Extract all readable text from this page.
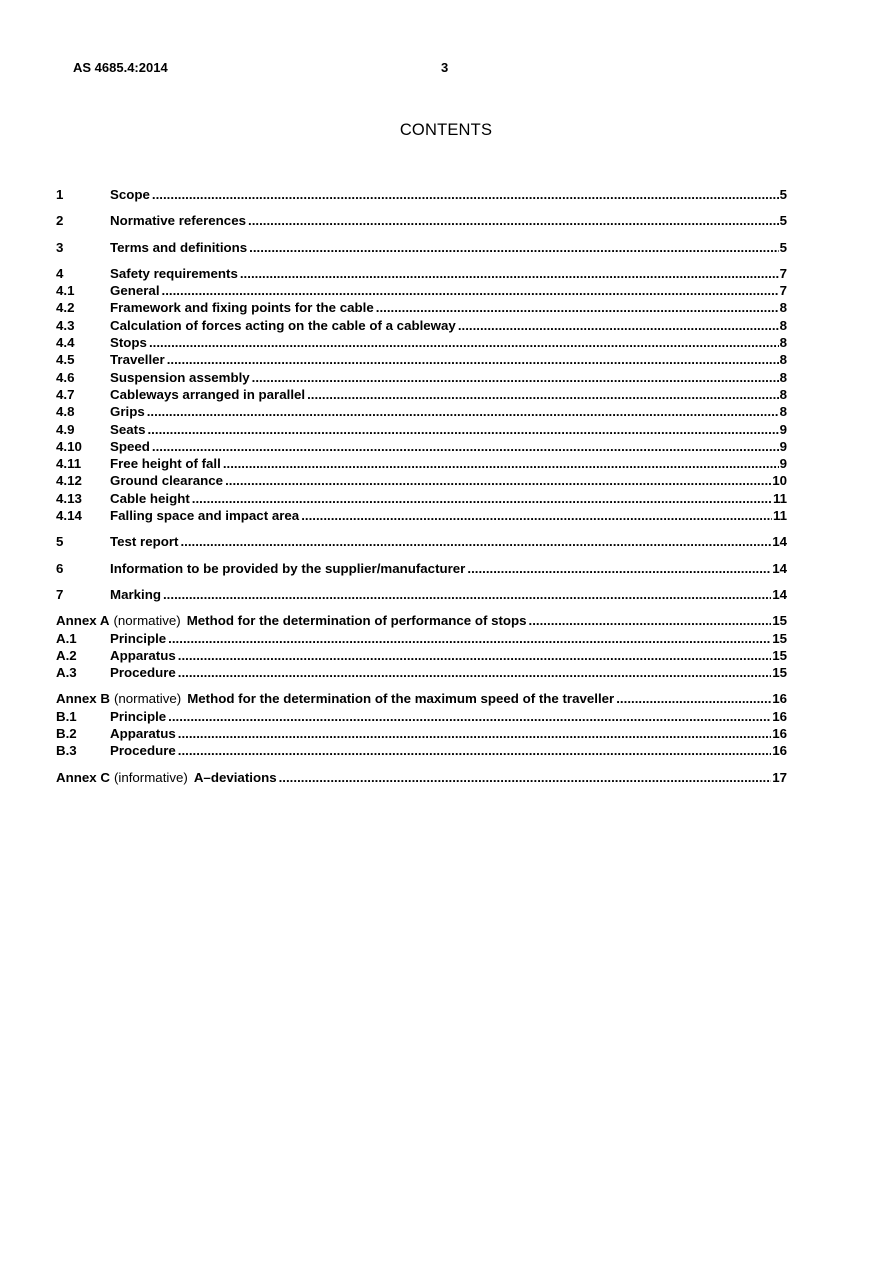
AS 4685.4:2014	3
CONTENTS
1	Scope .....	5
2	Normative references .....	5
3	Terms and definitions .....	5
4	Safety requirements .....	7
4.1	General .....	7
4.2	Framework and fixing points for the cable .....	8
4.3	Calculation of forces acting on the cable of a cableway .....	8
4.4	Stops .....	8
4.5	Traveller .....	8
4.6	Suspension assembly .....	8
4.7	Cableways arranged in parallel .....	8
4.8	Grips .....	8
4.9	Seats .....	9
4.10	Speed .....	9
4.11	Free height of fall .....	9
4.12	Ground clearance .....	10
4.13	Cable height .....	11
4.14	Falling space and impact area .....	11
5	Test report .....	14
6	Information to be provided by the supplier/manufacturer .....	14
7	Marking .....	14
Annex A (normative) Method for the determination of performance of stops .....	15
A.1	Principle .....	15
A.2	Apparatus .....	15
A.3	Procedure .....	15
Annex B (normative) Method for the determination of the maximum speed of the traveller .....	16
B.1	Principle .....	16
B.2	Apparatus .....	16
B.3	Procedure .....	16
Annex C (informative) A–deviations .....	17
